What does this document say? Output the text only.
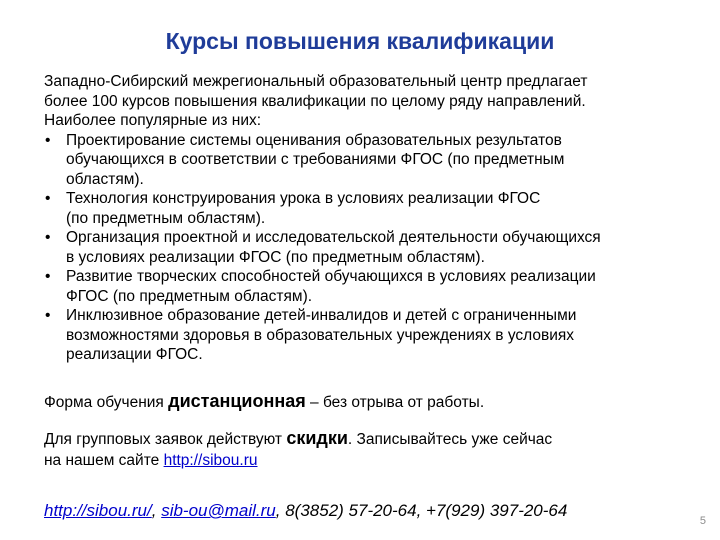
Курсы повышения квалификации

Западно-Сибирский межрегиональный образовательный центр предлагает

более 100 курсов повышения квалификации по целому ряду направлений.

Наиболее популярные из них:

• Проектирование системы оценивания образовательных результатов
обучающихся в соответствии с требованиями ФГОС (по предметным
областям).
• Технология конструирования урока в условиях реализации ФГОС
(по предметным областям).
• Организация проектной и исследовательской деятельности обучающихся
в условиях реализации ФГОС (по предметным областям).
• Развитие творческих способностей обучающихся в условиях реализации
ФГОС (по предметным областям).
• Инклюзивное образование детей-инвалидов и детей с ограниченными
возможностями здоровья в образовательных учреждениях в условиях
реализации ФГОС.
Форма обучения дистанционная – без отрыва от работы.

Для групповых заявок действуют скидки. Записывайтесь уже сейчас

на нашем сайте http://sibou.ru

http://sibou.ru/, sib-ou@mail.ru, 8(3852) 57-20-64, +7(929) 397-20-64
5
